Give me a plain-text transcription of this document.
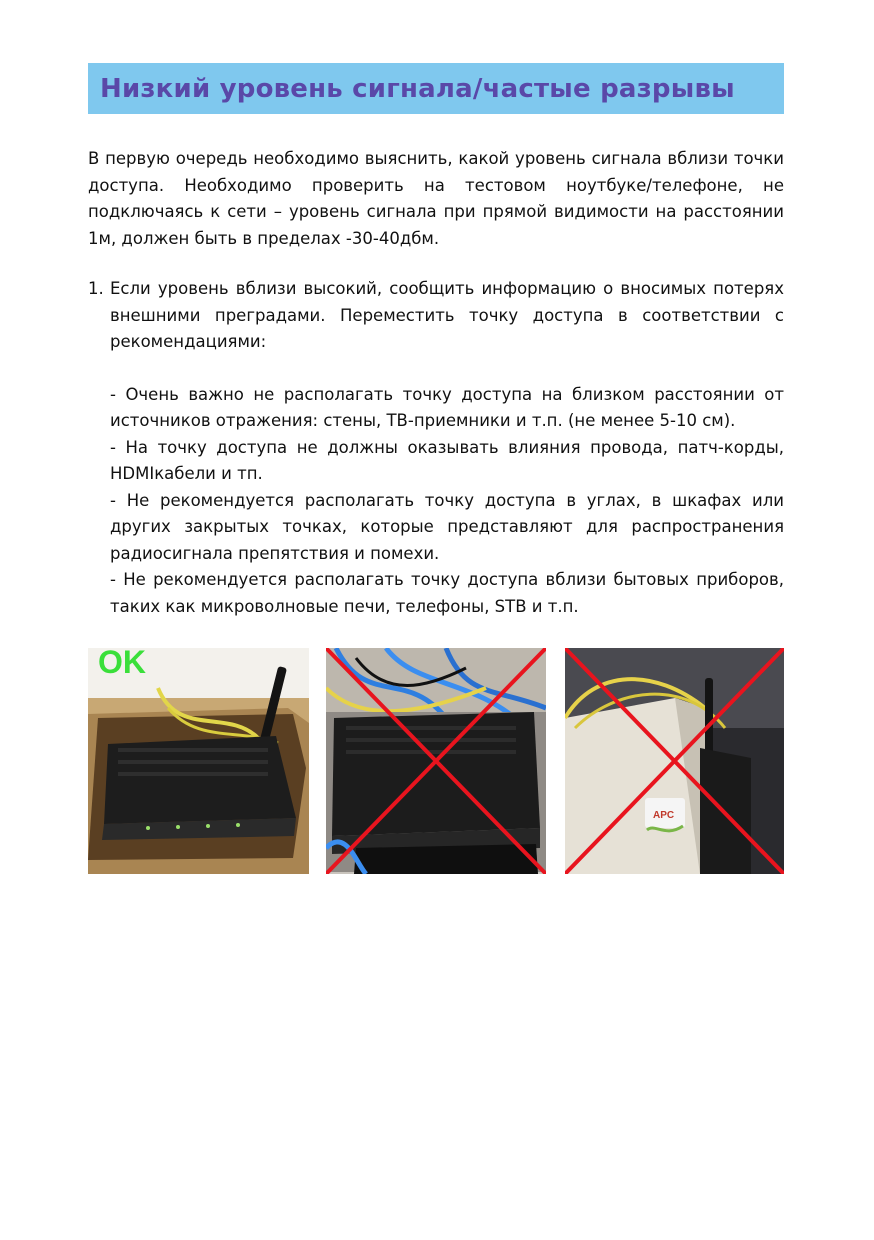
Низкий уровень сигнала/частые разрывы
В первую очередь необходимо выяснить, какой уровень сигнала вблизи точки доступа. Необходимо проверить на тестовом ноутбуке/телефоне, не подключаясь к сети – уровень сигнала при прямой видимости на расстоянии 1м, должен быть в пределах -30-40дбм.
1. Если уровень вблизи высокий, сообщить информацию о вносимых потерях внешними преградами. Переместить точку доступа в соответствии с рекомендациями:
- Очень важно не располагать точку доступа на близком расстоянии от источников отражения: стены, ТВ-приемники и т.п. (не менее 5-10 см).
- На точку доступа не должны оказывать влияния провода, патч-корды, HDMIкабели и тп.
- Не рекомендуется располагать точку доступа в углах, в шкафах или других закрытых точках, которые представляют для распространения радиосигнала препятствия и помехи.
- Не рекомендуется располагать точку доступа вблизи бытовых приборов, таких как микроволновые печи, телефоны, STB и т.п.
OK
APC
